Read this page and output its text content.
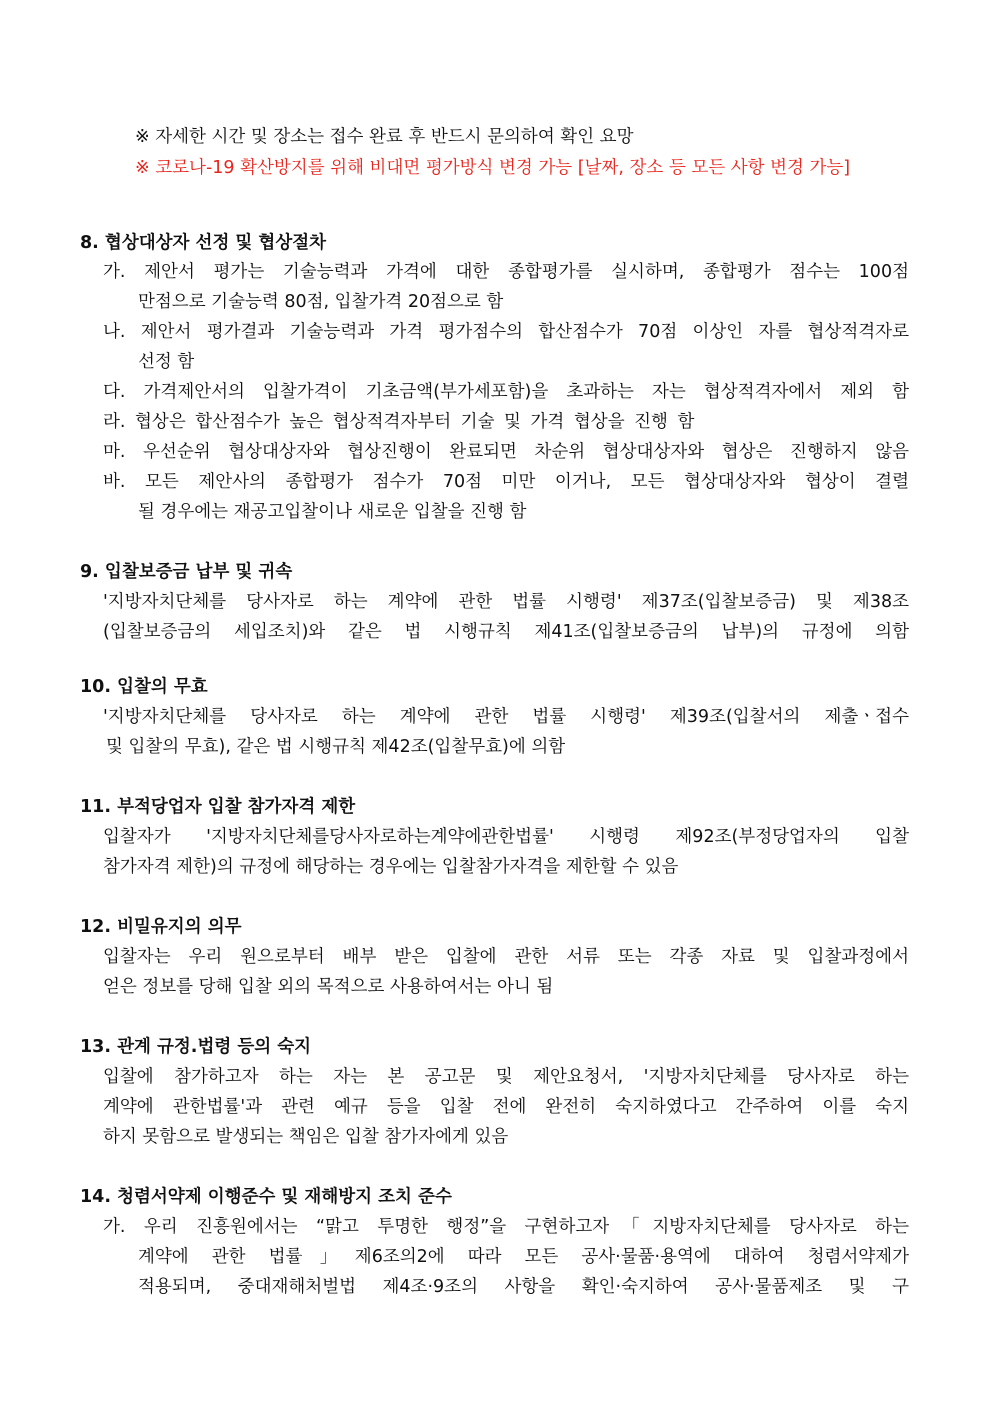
※ 자세한 시간 및 장소는 접수 완료 후 반드시 문의하여 확인 요망

※ 코로나-19 확산방지를 위해 비대면 평가방식 변경 가능 [날짜, 장소 등 모든 사항 변경 가능]

8. 협상대상자 선정 및 협상절차

가. 제안서 평가는 기술능력과 가격에 대한 종합평가를 실시하며, 종합평가 점수는 100점

만점으로 기술능력 80점, 입찰가격 20점으로 함

나. 제안서 평가결과 기술능력과 가격 평가점수의 합산점수가 70점 이상인 자를 협상적격자로

선정 함

다. 가격제안서의 입찰가격이 기초금액(부가세포함)을 초과하는 자는 협상적격자에서 제외 함

라. 협상은 합산점수가 높은 협상적격자부터 기술 및 가격 협상을 진행 함

마. 우선순위 협상대상자와 협상진행이 완료되면 차순위 협상대상자와 협상은 진행하지 않음

바. 모든 제안사의 종합평가 점수가 70점 미만 이거나, 모든 협상대상자와 협상이 결렬

될 경우에는 재공고입찰이나 새로운 입찰을 진행 함

9. 입찰보증금 납부 및 귀속

'지방자치단체를 당사자로 하는 계약에 관한 법률 시행령' 제37조(입찰보증금) 및 제38조

(입찰보증금의 세입조치)와 같은 법 시행규칙 제41조(입찰보증금의 납부)의 규정에 의함

10. 입찰의 무효

'지방자치단체를 당사자로 하는 계약에 관한 법률 시행령' 제39조(입찰서의 제출ㆍ접수

및 입찰의 무효), 같은 법 시행규칙 제42조(입찰무효)에 의함

11. 부적당업자 입찰 참가자격 제한

입찰자가 '지방자치단체를당사자로하는계약에관한법률' 시행령 제92조(부정당업자의 입찰

참가자격 제한)의 규정에 해당하는 경우에는 입찰참가자격을 제한할 수 있음

12. 비밀유지의 의무

입찰자는 우리 원으로부터 배부 받은 입찰에 관한 서류 또는 각종 자료 및 입찰과정에서

얻은 정보를 당해 입찰 외의 목적으로 사용하여서는 아니 됨

13. 관계 규정.법령 등의 숙지

입찰에 참가하고자 하는 자는 본 공고문 및 제안요청서, '지방자치단체를 당사자로 하는

계약에 관한법률'과 관련 예규 등을 입찰 전에 완전히 숙지하였다고 간주하여 이를 숙지

하지 못함으로 발생되는 책임은 입찰 참가자에게 있음

14. 청렴서약제 이행준수 및 재해방지 조치 준수

가. 우리 진흥원에서는 “맑고 투명한 행정”을 구현하고자「지방자치단체를 당사자로 하는

계약에 관한 법률」제6조의2에 따라 모든 공사·물품·용역에 대하여 청렴서약제가

적용되며, 중대재해처벌법 제4조·9조의 사항을 확인·숙지하여 공사·물품제조 및 구
